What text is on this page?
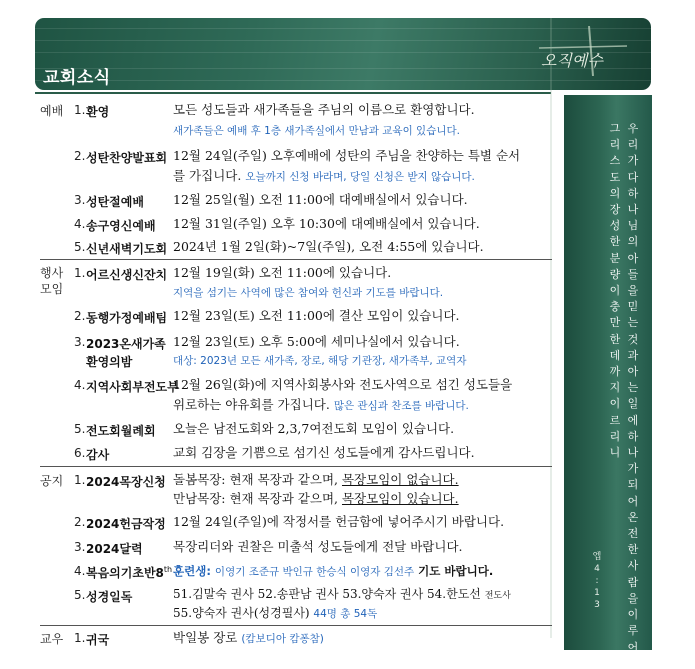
교회소식
오직예수
우
리
가
다
하
나
님
의
아
들
을
믿
는
것
과
아
는
일
에
하
나
가
되
어
온
전
한
사
람
을
이
루
어
그
리
스
도
의
장
성
한
분
량
이
충
만
한
데
까
지
이
르
리
니
엡
4
:
1
3
예배 1. 환영	모든 성도들과 새가족들을 주님의 이름으로 환영합니다.
새가족들은 예배 후 1층 새가족실에서 만남과 교육이 있습니다.
2. 성탄찬양발표회 12월 24일(주일) 오후예배에 성탄의 주님을 찬양하는 특별 순서
를 가집니다. 오늘까지 신청 바라며, 당일 신청은 받지 않습니다.
3. 성탄절예배 12월 25일(월) 오전 11:00에 대예배실에서 있습니다.
4. 송구영신예배 12월 31일(주일) 오후 10:30에 대예배실에서 있습니다.
5. 신년새벽기도회 2024년 1월 2일(화)~7일(주일), 오전 4:55에 있습니다.
행사
모임
1. 어르신생신잔치 12월 19일(화) 오전 11:00에 있습니다.
지역을 섬기는 사역에 많은 참여와 헌신과 기도를 바랍니다.
2. 동행가정예배팀 12월 23일(토) 오전 11:00에 결산 모임이 있습니다.
3. 2023온새가족
환영의밤
12월 23일(토) 오후 5:00에 세미나실에서 있습니다.
대상: 2023년 모든 새가족, 장로, 해당 기관장, 새가족부, 교역자
4. 지역사회부전도부
12월 26일(화)에 지역사회봉사와 전도사역으로 섬긴 성도들을
위로하는 야유회를 가집니다. 많은 관심과 찬조를 바랍니다.
5. 전도회월례회 오늘은 남전도회와 2,3,7여전도회 모임이 있습니다.
6. 감사	교회 김장을 기쁨으로 섬기신 성도들에게 감사드립니다.
공지 1. 2024목장신청 돌봄목장: 현재 목장과 같으며, 목장모임이 없습니다.
만남목장: 현재 목장과 같으며, 목장모임이 있습니다.
2. 2024헌금작정 12월 24일(주일)에 작정서를 헌금함에 넣어주시기 바랍니다.
3. 2024달력 목장리더와 권찰은 미출석 성도들에게 전달 바랍니다.
4. 복음의기초반8th 훈련생: 이영기 조준규 박인규 한승식 이영자 김선주 기도 바랍니다.
5. 성경일독	51.김말숙 권사 52.송판남 권사 53.양숙자 권사 54.한도선 전도사
55.양숙자 권사(성경필사) 44명 총 54독
교우 1. 귀국	박일봉 장로 (캄보디아 캄퐁참)
